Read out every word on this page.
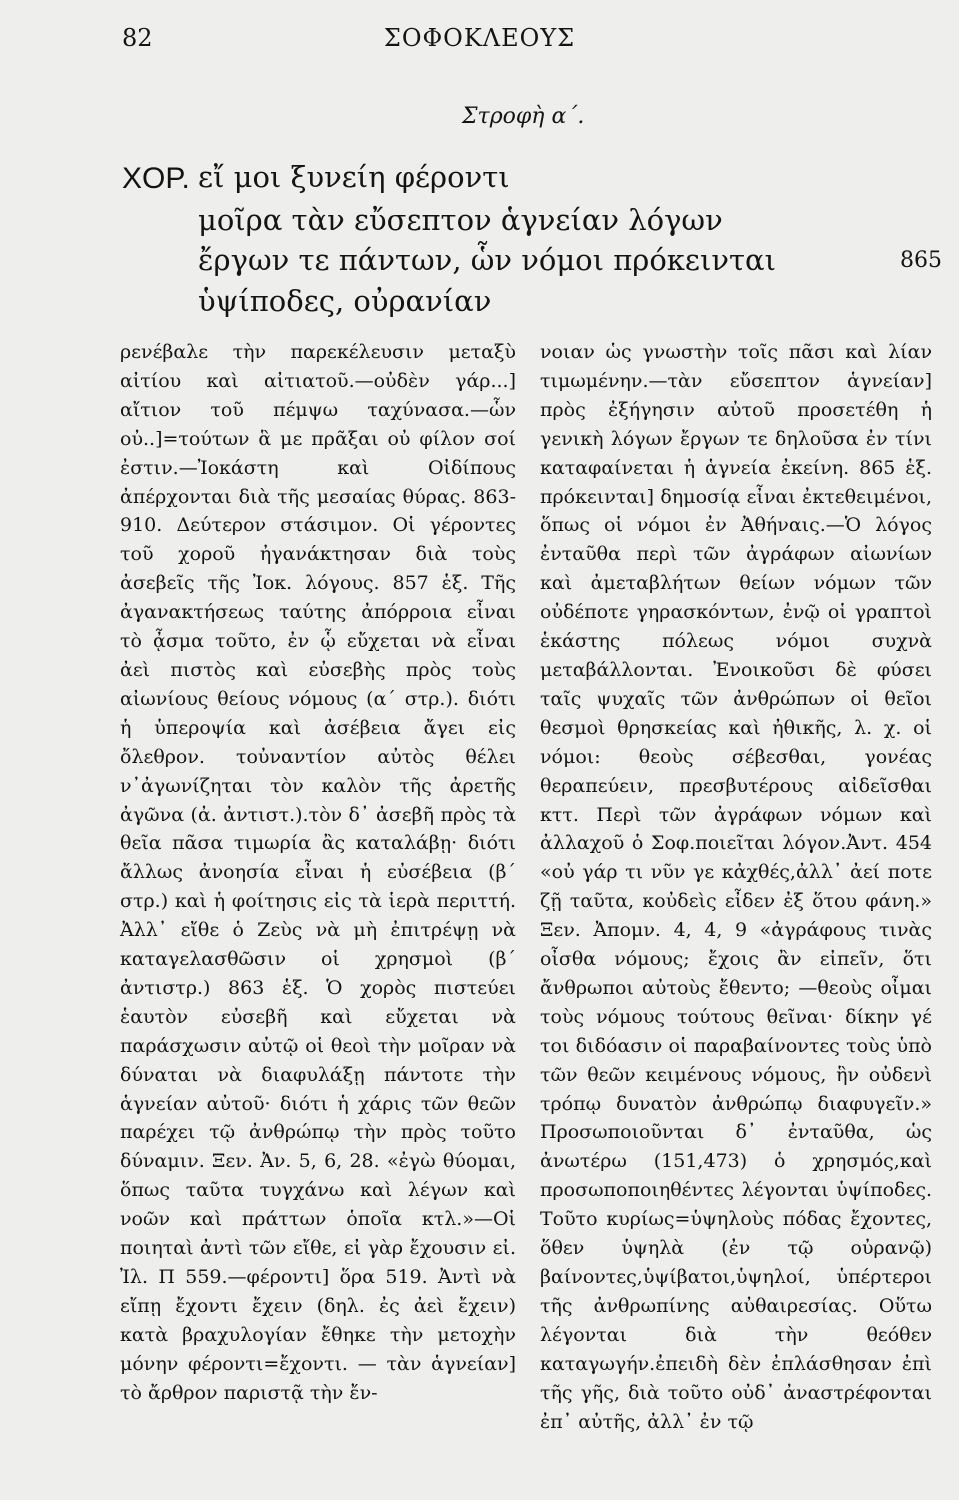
82	ΣΟΦΟΚΛΕΟΥΣ
Στροφὴ α΄.
ΧΟΡ. εἴ μοι ξυνείη φέροντι
μοῖρα τὰν εὔσεπτον ἁγνείαν λόγων
ἔργων τε πάντων, ὧν νόμοι πρόκεινται
ὑψίποδες, οὐρανίαν
865
ρενέβαλε τὴν παρεκέλευσιν μεταξὺ αἰτίου καὶ αἰτιατοῦ.—οὐδὲν γάρ...] αἴτιον τοῦ πέμψω ταχύνασα.—ὧν οὐ..]=τούτων ἃ με πρᾶξαι οὐ φίλον σοί ἐστιν.—Ἰοκάστη καὶ Οἰδίπους ἀπέρχονται διὰ τῆς μεσαίας θύρας. 863-910. Δεύτερον στάσιμον. Οἱ γέροντες τοῦ χοροῦ ἠγανάκτησαν διὰ τοὺς ἀσεβεῖς τῆς Ἰοκ. λόγους. 857 ἑξ. Τῆς ἀγανακτήσεως ταύτης ἀπόρροια εἶναι τὸ ᾆσμα τοῦτο, ἐν ᾧ εὔχεται νὰ εἶναι ἀεὶ πιστὸς καὶ εὐσεβὴς πρὸς τοὺς αἰωνίους θείους νόμους (α΄ στρ.). διότι ἡ ὑπεροψία καὶ ἀσέβεια ἄγει εἰς ὄλεθρον. τοὐναντίον αὐτὸς θέλει ν᾽ἀγωνίζηται τὸν καλὸν τῆς ἀρετῆς ἀγῶνα (ἀ. ἀντιστ.).τὸν δ᾽ ἀσεβῆ πρὸς τὰ θεῖα πᾶσα τιμωρία ἂς καταλάβῃ· διότι ἄλλως ἀνοησία εἶναι ἡ εὐσέβεια (β΄ στρ.) καὶ ἡ φοίτησις εἰς τὰ ἱερὰ περιττή. Ἀλλ᾽ εἴθε ὁ Ζεὺς νὰ μὴ ἐπιτρέψῃ νὰ καταγελασθῶσιν οἱ χρησμοὶ (β΄ ἀντιστρ.) 863 ἑξ. Ὁ χορὸς πιστεύει ἑαυτὸν εὐσεβῆ καὶ εὔχεται νὰ παράσχωσιν αὐτῷ οἱ θεοὶ τὴν μοῖραν νὰ δύναται νὰ διαφυλάξῃ πάντοτε τὴν ἁγνείαν αὐτοῦ· διότι ἡ χάρις τῶν θεῶν παρέχει τῷ ἀνθρώπῳ τὴν πρὸς τοῦτο δύναμιν. Ξεν. Ἀν. 5, 6, 28. «ἐγὼ θύομαι, ὅπως ταῦτα τυγχάνω καὶ λέγων καὶ νοῶν καὶ πράττων ὁποῖα κτλ.»—Οἱ ποιηταὶ ἀντὶ τῶν εἴθε, εἰ γὰρ ἔχουσιν εἰ. Ἰλ. Π 559.—φέροντι] ὅρα 519. Ἀντὶ νὰ εἴπῃ ἔχοντι ἔχειν (δηλ. ἐς ἀεὶ ἔχειν) κατὰ βραχυλογίαν ἔθηκε τὴν μετοχὴν μόνην φέροντι=ἔχοντι. — τὰν ἁγνείαν] τὸ ἄρθρον παριστᾷ τὴν ἔν-
νοιαν ὡς γνωστὴν τοῖς πᾶσι καὶ λίαν τιμωμένην.—τὰν εὔσεπτον ἁγνείαν] πρὸς ἐξήγησιν αὐτοῦ προσετέθη ἡ γενικὴ λόγων ἔργων τε δηλοῦσα ἐν τίνι καταφαίνεται ἡ ἁγνεία ἐκείνη. 865 ἑξ. πρόκεινται] δημοσίᾳ εἶναι ἐκτεθειμένοι, ὅπως οἱ νόμοι ἐν Ἀθήναις.—Ὁ λόγος ἐνταῦθα περὶ τῶν ἀγράφων αἰωνίων καὶ ἀμεταβλήτων θείων νόμων τῶν οὐδέποτε γηρασκόντων, ἐνῷ οἱ γραπτοὶ ἑκάστης πόλεως νόμοι συχνὰ μεταβάλλονται. Ἐνοικοῦσι δὲ φύσει ταῖς ψυχαῖς τῶν ἀνθρώπων οἱ θεῖοι θεσμοὶ θρησκείας καὶ ἠθικῆς, λ. χ. οἱ νόμοι: θεοὺς σέβεσθαι, γονέας θεραπεύειν, πρεσβυτέρους αἰδεῖσθαι κττ. Περὶ τῶν ἀγράφων νόμων καὶ ἀλλαχοῦ ὁ Σοφ.ποιεῖται λόγον.Ἀντ. 454 «οὐ γάρ τι νῦν γε κἀχθές,ἀλλ᾽ ἀεί ποτε ζῇ ταῦτα, κοὐδεὶς εἶδεν ἐξ ὅτου φάνη.» Ξεν. Ἀπομν. 4, 4, 9 «ἀγράφους τινὰς οἶσθα νόμους; ἔχοις ἂν εἰπεῖν, ὅτι ἄνθρωποι αὐτοὺς ἔθεντο; —θεοὺς οἶμαι τοὺς νόμους τούτους θεῖναι· δίκην γέ τοι διδόασιν οἱ παραβαίνοντες τοὺς ὑπὸ τῶν θεῶν κειμένους νόμους, ἣν οὐδενὶ τρόπῳ δυνατὸν ἀνθρώπῳ διαφυγεῖν.» Προσωποιοῦνται δ᾽ ἐνταῦθα, ὡς ἀνωτέρω (151,473) ὁ χρησμός,καὶ προσωποποιηθέντες λέγονται ὑψίποδες. Τοῦτο κυρίως=ὑψηλοὺς πόδας ἔχοντες, ὅθεν ὑψηλὰ (ἐν τῷ οὐρανῷ) βαίνοντες,ὑψίβατοι,ὑψηλοί, ὑπέρτεροι τῆς ἀνθρωπίνης αὐθαιρεσίας. Οὕτω λέγονται διὰ τὴν θεόθεν καταγωγήν.ἐπειδὴ δὲν ἐπλάσθησαν ἐπὶ τῆς γῆς, διὰ τοῦτο οὐδ᾽ ἀναστρέφονται ἐπ᾽ αὐτῆς, ἀλλ᾽ ἐν τῷ
